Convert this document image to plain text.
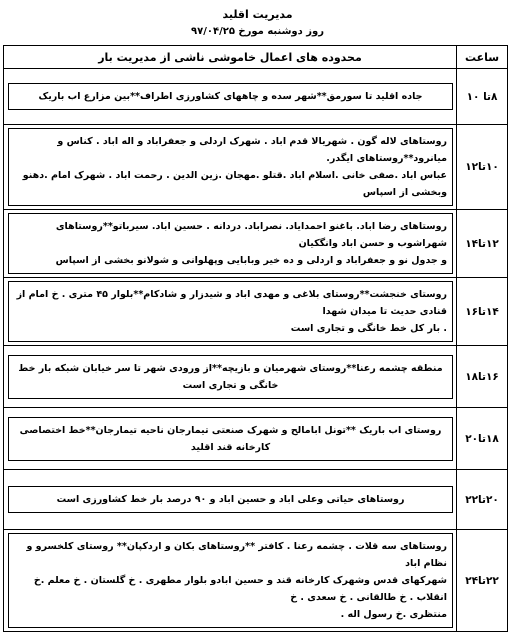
مدیریت اقلید
روز دوشنبه مورخ ۹۷/۰۴/۲۵
ساعت	محدوده های اعمال خاموشی ناشی از مدیریت بار
۸تا ۱۰	جاده اقلید تا سورمق**شهر سده و چاههای کشاورزی اطراف**بین مزارع اب باریک

۱۰تا۱۲	روستاهای لاله گون . شهریالا قدم اباد . شهرک اردلی و جعفراباد و اله اباد . کناس و میانرود**روستاهای ایگدر.
عباس اباد .صفی خانی .اسلام اباد .قتلو .مهجان .زین الدین . رحمت اباد . شهرک امام .دهنو وبخشی از اسپاس

۱۲تا۱۴	روستاهای رضا اباد. باغنو احمدایاد. نصراباد. دردانه . حسین اباد. سیرباتو**روستاهای شهراشوب و حسن اباد وانگکیان
و جدول نو و جعفراباد و اردلی و ده خیر وبابایی وپهلوانی و شولانو بخشی از اسپاس

۱۴تا۱۶	روستای خنجشت**روستای بلاغی و مهدی اباد و شیدزار و شادکام**بلوار ۴۵ متری . خ امام از قنادی حدیث تا میدان شهدا
. بار کل خط خانگی و تجاری است

۱۶تا۱۸	منطقه چشمه رعنا**روستای شهرمیان و بازیچه**از ورودی شهر تا سر خیابان شبکه بار خط خانگی و تجاری است

۱۸تا۲۰	روستای اب باریک **تونل ابامالح و شهرک صنعتی تیمارجان ناحیه تیمارجان**خط اختصاصی کارخانه قند اقلید

۲۰تا۲۲	روستاهای حیاتی وعلی اباد و حسین اباد و ۹۰ درصد بار خط کشاورزی است

۲۲تا۲۴	روستاهای سه قلات . چشمه رعنا . کافتر **روستاهای بکان و اردکپان** روستای کلخسرو و نظام اباد
شهرکهای قدس وشهرک کارخانه قند و حسین ابادو بلوار مطهری . خ گلستان . خ معلم .خ انقلاب . خ طالقانی . خ سعدی . خ
منتظری .خ رسول اله .
